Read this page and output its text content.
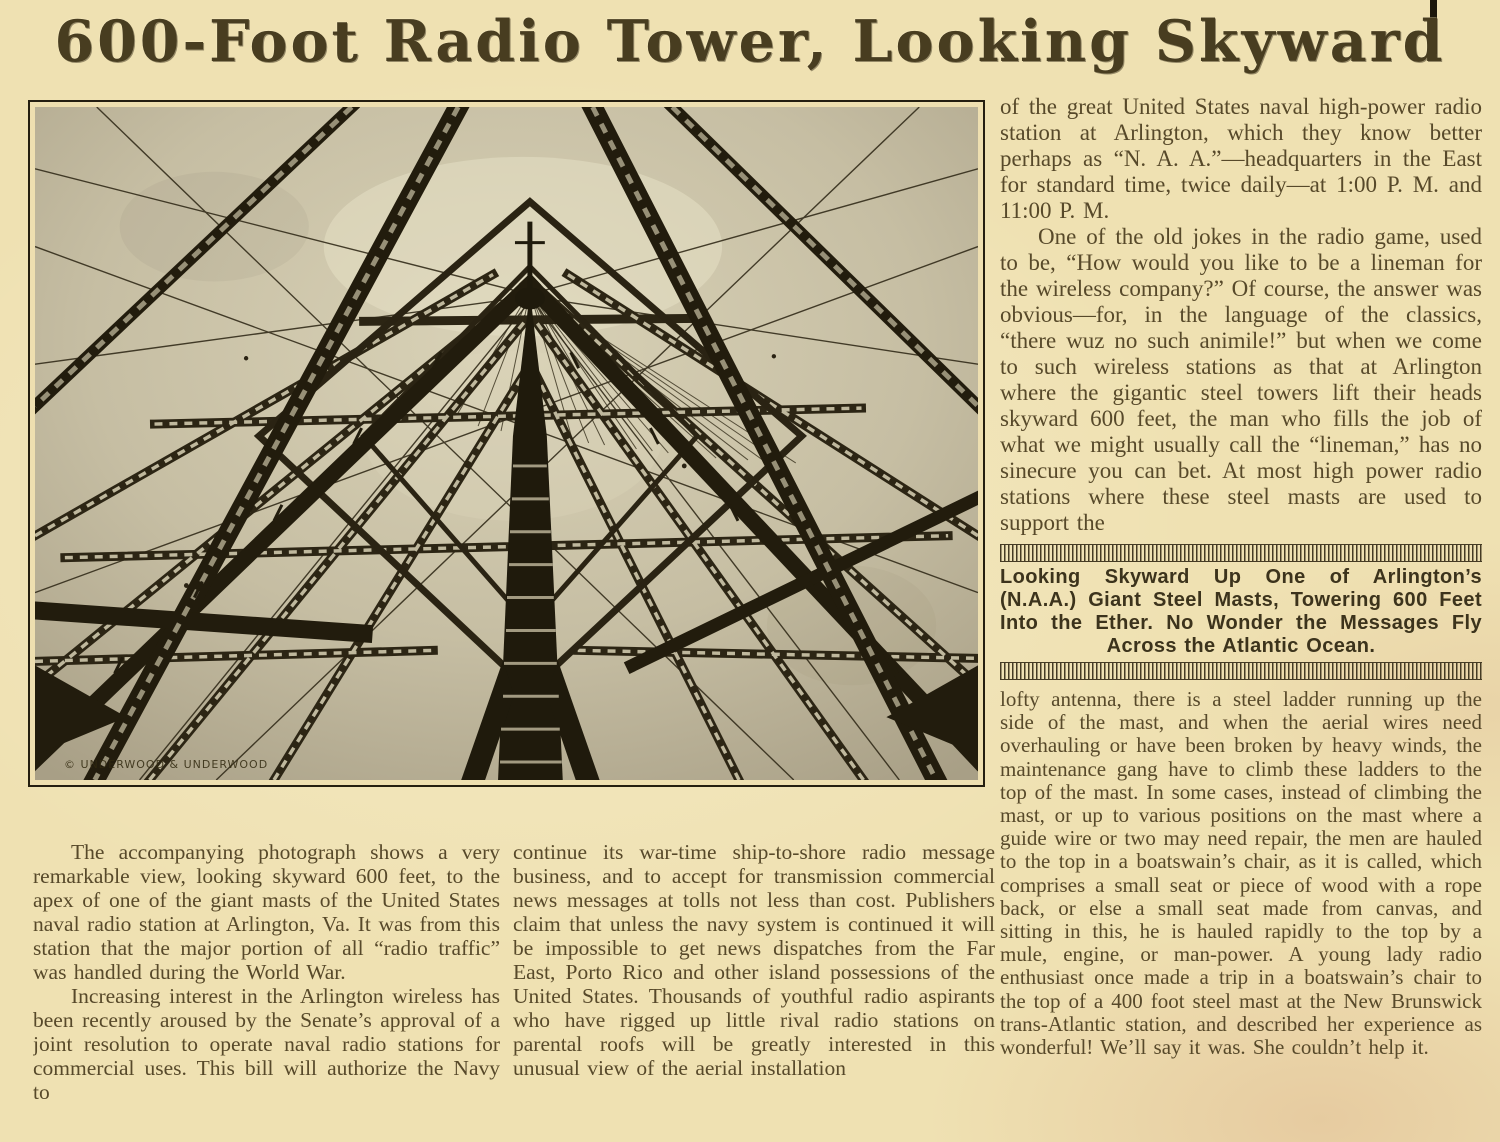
600-Foot Radio Tower, Looking Skyward
© UNDERWOOD & UNDERWOOD

of the great United States naval high-power radio station at Arlington, which they know better perhaps as “N. A. A.”—headquarters in the East for standard time, twice daily—at 1:00 P. M. and 11:00 P. M.

One of the old jokes in the radio game, used to be, “How would you like to be a lineman for the wireless company?” Of course, the answer was obvious—for, in the language of the classics, “there wuz no such animile!” but when we come to such wireless stations as that at Arlington where the gigantic steel towers lift their heads skyward 600 feet, the man who fills the job of what we might usually call the “lineman,” has no sinecure you can bet. At most high power radio stations where these steel masts are used to support the

Looking Skyward Up One of Arlington’s (N.A.A.) Giant Steel Masts, Towering 600 Feet Into the Ether. No Wonder the Messages Fly Across the Atlantic Ocean.

lofty antenna, there is a steel ladder running up the side of the mast, and when the aerial wires need overhauling or have been broken by heavy winds, the maintenance gang have to climb these ladders to the top of the mast. In some cases, instead of climbing the mast, or up to various positions on the mast where a guide wire or two may need repair, the men are hauled to the top in a boatswain’s chair, as it is called, which comprises a small seat or piece of wood with a rope back, or else a small seat made from canvas, and sitting in this, he is hauled rapidly to the top by a mule, engine, or man-power. A young lady radio enthusiast once made a trip in a boatswain’s chair to the top of a 400 foot steel mast at the New Brunswick trans-Atlantic station, and described her experience as wonderful! We’ll say it was. She couldn’t help it.

The accompanying photograph shows a very remarkable view, looking skyward 600 feet, to the apex of one of the giant masts of the United States naval radio station at Arlington, Va. It was from this station that the major portion of all “radio traffic” was handled during the World War.

Increasing interest in the Arlington wireless has been recently aroused by the Senate’s approval of a joint resolution to operate naval radio stations for commercial uses. This bill will authorize the Navy to

continue its war-time ship-to-shore radio message business, and to accept for transmission commercial news messages at tolls not less than cost. Publishers claim that unless the navy system is continued it will be impossible to get news dispatches from the Far East, Porto Rico and other island possessions of the United States. Thousands of youthful radio aspirants who have rigged up little rival radio stations on parental roofs will be greatly interested in this unusual view of the aerial installation
